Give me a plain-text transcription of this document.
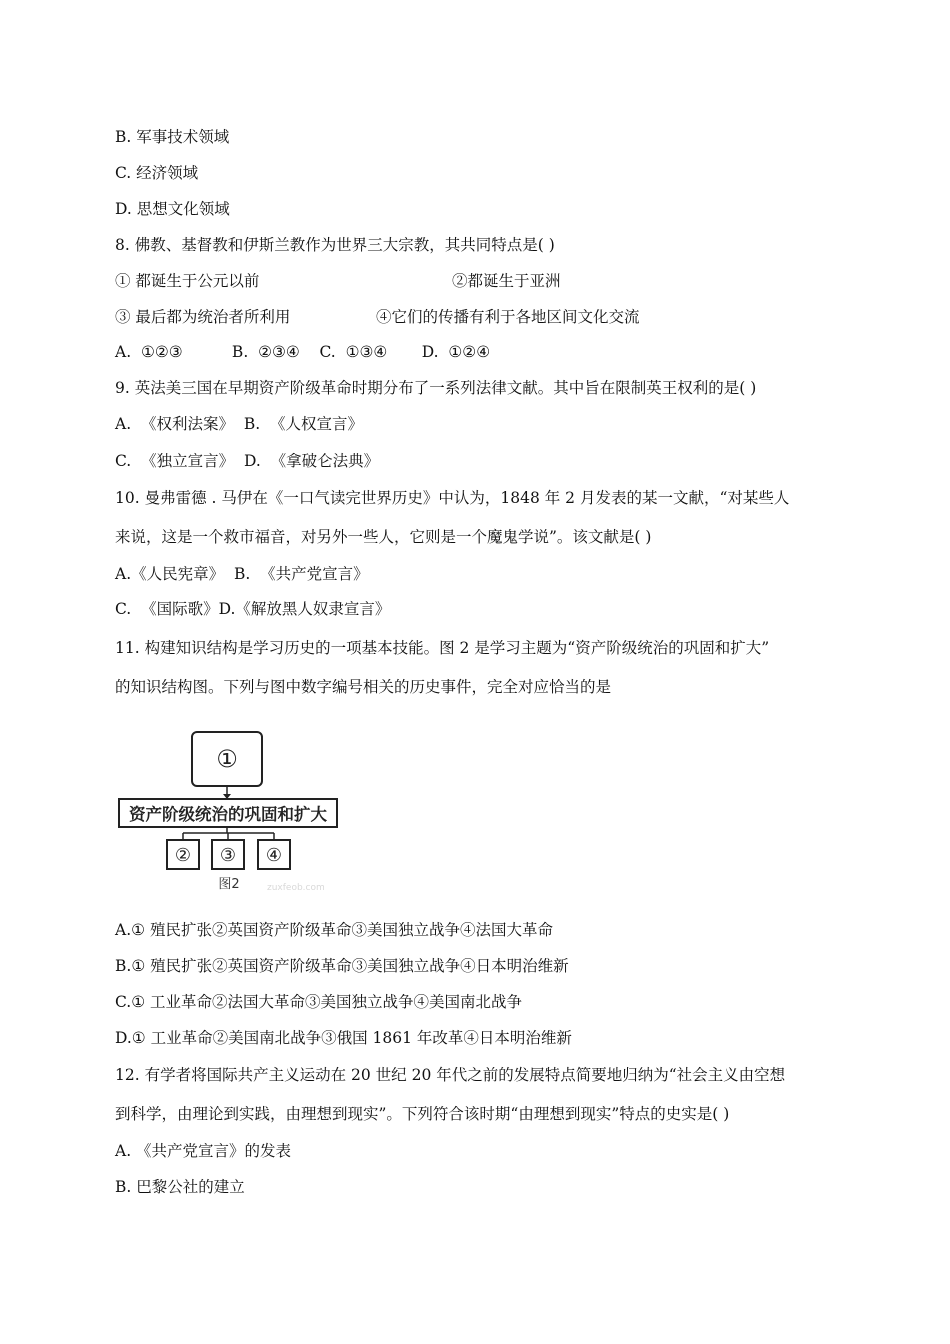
B. 军事技术领域
C. 经济领域
D. 思想文化领域
8. 佛教、基督教和伊斯兰教作为世界三大宗教，其共同特点是( )
① 都诞生于公元以前	②都诞生于亚洲
③ 最后都为统治者所利用	④它们的传播有利于各地区间文化交流
A.  ①②③          B.  ②③④    C.  ①③④       D.  ①②④
9. 英法美三国在早期资产阶级革命时期分布了一系列法律文献。其中旨在限制英王权利的是( )
A.  《权利法案》  B.  《人权宣言》
C.  《独立宣言》  D.  《拿破仑法典》
10. 曼弗雷德 . 马伊在《一口气读完世界历史》中认为，1848 年 2 月发表的某一文献，“对某些人
来说，这是一个救市福音，对另外一些人，它则是一个魔鬼学说”。该文献是( )
A.《人民宪章》  B.  《共产党宣言》
C.  《国际歌》D.《解放黑人奴隶宣言》
11. 构建知识结构是学习历史的一项基本技能。图 2 是学习主题为“资产阶级统治的巩固和扩大”
的知识结构图。下列与图中数字编号相关的历史事件，完全对应恰当的是
①
资产阶级统治的巩固和扩大
② ③ ④
图2	zuxfeob.com
A.① 殖民扩张②英国资产阶级革命③美国独立战争④法国大革命
B.① 殖民扩张②英国资产阶级革命③美国独立战争④日本明治维新
C.① 工业革命②法国大革命③美国独立战争④美国南北战争
D.① 工业革命②美国南北战争③俄国 1861 年改革④日本明治维新
12. 有学者将国际共产主义运动在 20 世纪 20 年代之前的发展特点简要地归纳为“社会主义由空想
到科学，由理论到实践，由理想到现实”。下列符合该时期“由理想到现实”特点的史实是( )
A. 《共产党宣言》的发表
B. 巴黎公社的建立
